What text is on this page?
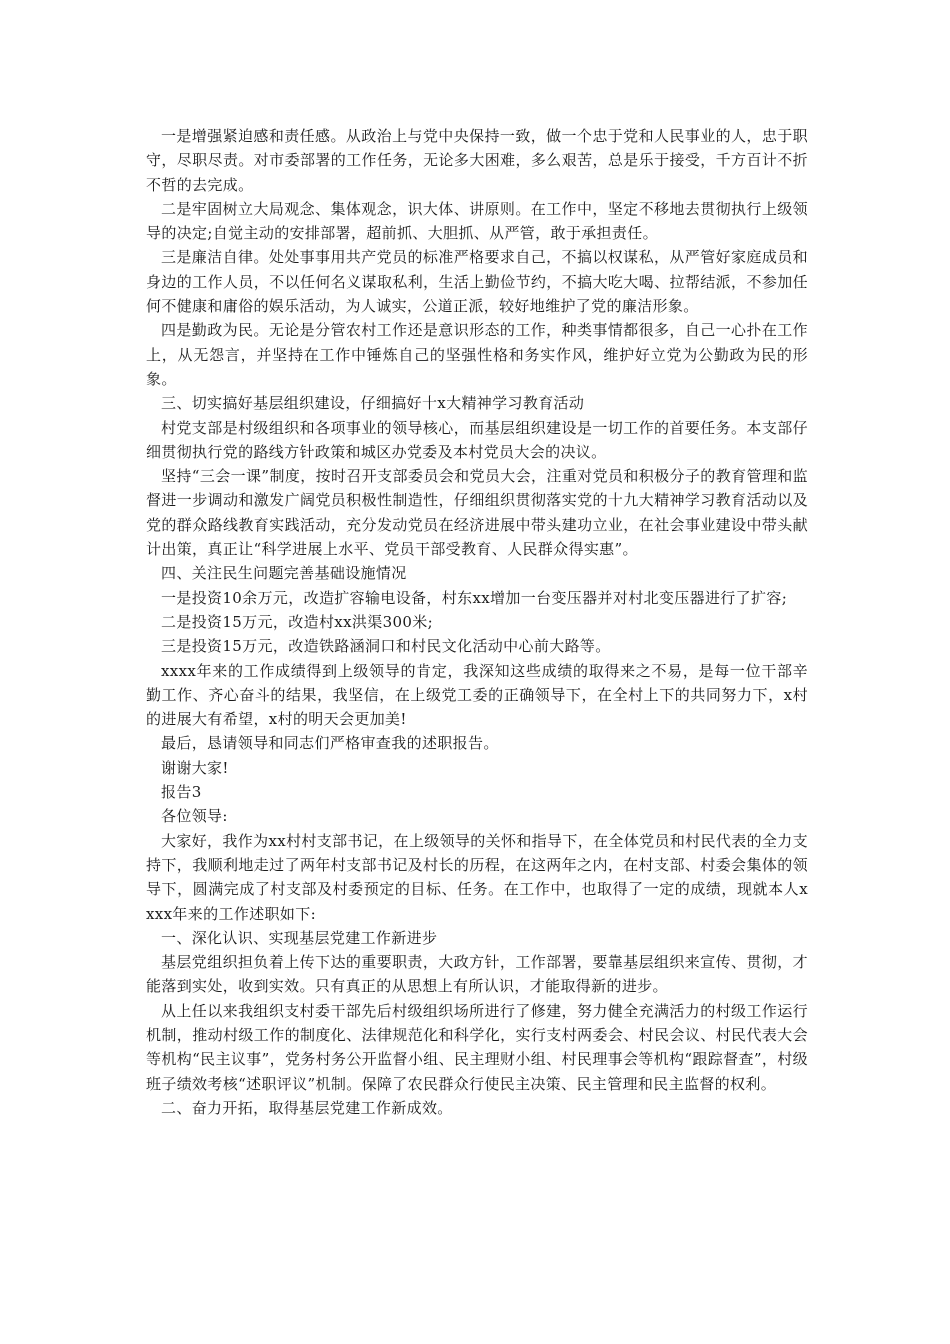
一是增强紧迫感和责任感。从政治上与党中央保持一致，做一个忠于党和人民事业的人，忠于职守，尽职尽责。对市委部署的工作任务，无论多大困难，多么艰苦，总是乐于接受，千方百计不折不哲的去完成。

二是牢固树立大局观念、集体观念，识大体、讲原则。在工作中，坚定不移地去贯彻执行上级领导的决定;自觉主动的安排部署，超前抓、大胆抓、从严管，敢于承担责任。

三是廉洁自律。处处事事用共产党员的标准严格要求自己，不搞以权谋私，从严管好家庭成员和身边的工作人员，不以任何名义谋取私利，生活上勤俭节约，不搞大吃大喝、拉帮结派，不参加任何不健康和庸俗的娱乐活动，为人诚实，公道正派，较好地维护了党的廉洁形象。

四是勤政为民。无论是分管农村工作还是意识形态的工作，种类事情都很多，自己一心扑在工作上，从无怨言，并坚持在工作中锤炼自己的坚强性格和务实作风，维护好立党为公勤政为民的形象。

三、切实搞好基层组织建设，仔细搞好十x大精神学习教育活动

村党支部是村级组织和各项事业的领导核心，而基层组织建设是一切工作的首要任务。本支部仔细贯彻执行党的路线方针政策和城区办党委及本村党员大会的决议。

坚持“三会一课”制度，按时召开支部委员会和党员大会，注重对党员和积极分子的教育管理和监督进一步调动和激发广阔党员积极性制造性，仔细组织贯彻落实党的十九大精神学习教育活动以及党的群众路线教育实践活动，充分发动党员在经济进展中带头建功立业，在社会事业建设中带头献计出策，真正让“科学进展上水平、党员干部受教育、人民群众得实惠”。

四、关注民生问题完善基础设施情况

一是投资10余万元，改造扩容输电设备，村东xx增加一台变压器并对村北变压器进行了扩容;

二是投资15万元，改造村xx洪渠300米;

三是投资15万元，改造铁路涵洞口和村民文化活动中心前大路等。

xxxx年来的工作成绩得到上级领导的肯定，我深知这些成绩的取得来之不易，是每一位干部辛勤工作、齐心奋斗的结果，我坚信，在上级党工委的正确领导下，在全村上下的共同努力下，x村的进展大有希望，x村的明天会更加美!

最后，恳请领导和同志们严格审查我的述职报告。

谢谢大家!

报告3

各位领导:

大家好，我作为xx村村支部书记，在上级领导的关怀和指导下，在全体党员和村民代表的全力支持下，我顺利地走过了两年村支部书记及村长的历程，在这两年之内，在村支部、村委会集体的领导下，圆满完成了村支部及村委预定的目标、任务。在工作中，也取得了一定的成绩，现就本人xxxx年来的工作述职如下:

一、深化认识、实现基层党建工作新进步

基层党组织担负着上传下达的重要职责，大政方针，工作部署，要靠基层组织来宣传、贯彻，才能落到实处，收到实效。只有真正的从思想上有所认识，才能取得新的进步。

从上任以来我组织支村委干部先后村级组织场所进行了修建，努力健全充满活力的村级工作运行机制，推动村级工作的制度化、法律规范化和科学化，实行支村两委会、村民会议、村民代表大会等机构“民主议事”，党务村务公开监督小组、民主理财小组、村民理事会等机构“跟踪督查”，村级班子绩效考核“述职评议”机制。保障了农民群众行使民主决策、民主管理和民主监督的权利。

二、奋力开拓，取得基层党建工作新成效。
